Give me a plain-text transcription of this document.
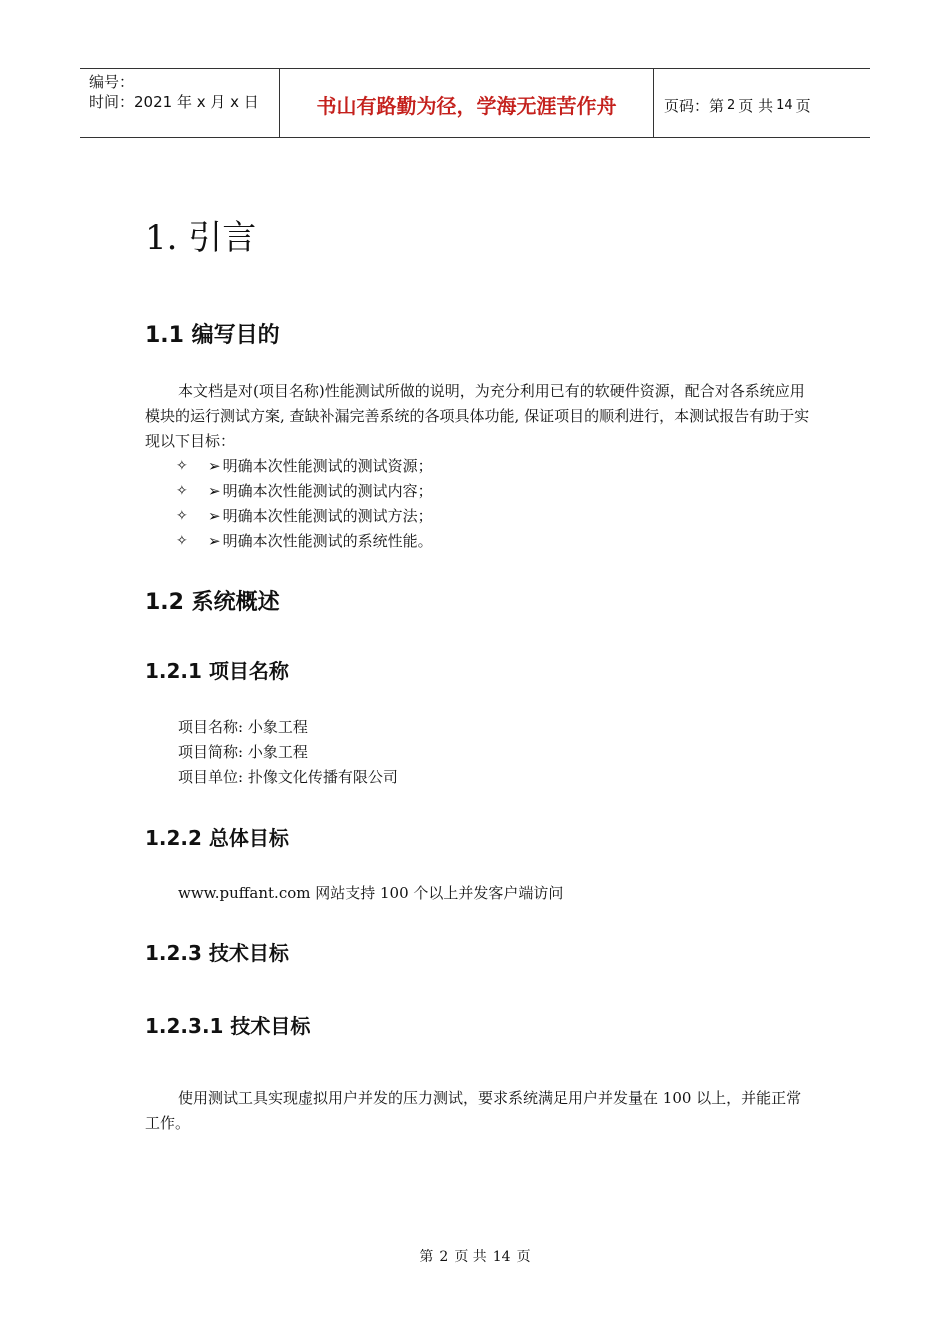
编号：
时间：2021 年 x 月 x 日	书山有路勤为径，学海无涯苦作舟	页码：第 2 页 共 14 页
1. 引言
1.1 编写目的
本文档是对(项目名称)性能测试所做的说明，为充分利用已有的软硬件资源，配合对各系统应用模块的运行测试方案, 查缺补漏完善系统的各项具体功能, 保证项目的顺利进行，本测试报告有助于实现以下目标：
✧	➢ 明确本次性能测试的测试资源；
✧	➢ 明确本次性能测试的测试内容；
✧	➢ 明确本次性能测试的测试方法；
✧	➢ 明确本次性能测试的系统性能。
1.2 系统概述
1.2.1 项目名称
项目名称: 小象工程
项目简称: 小象工程
项目单位: 扑像文化传播有限公司
1.2.2 总体目标
www.puffant.com 网站支持 100 个以上并发客户端访问
1.2.3 技术目标
1.2.3.1 技术目标
使用测试工具实现虚拟用户并发的压力测试，要求系统满足用户并发量在 100 以上，并能正常工作。
第 2 页 共 14 页
